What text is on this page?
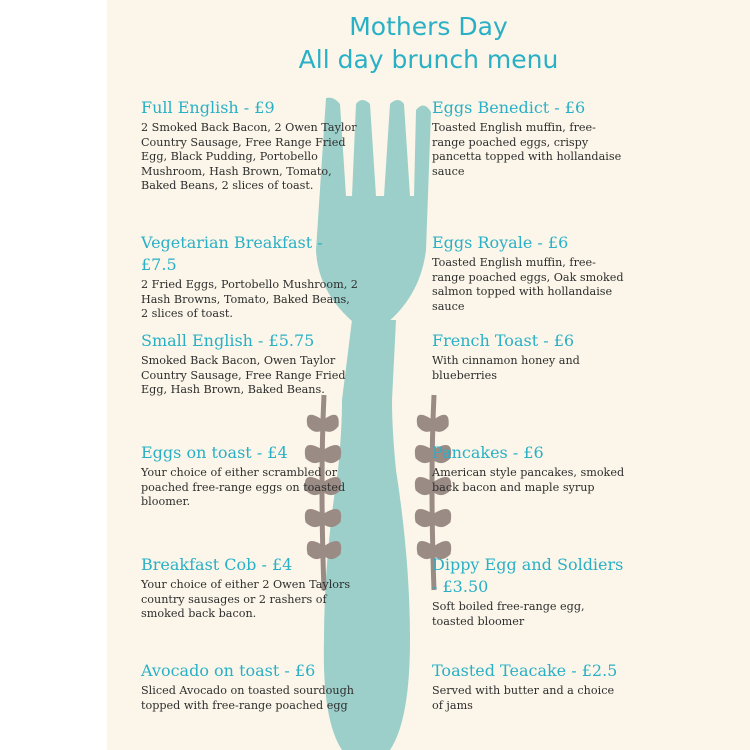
Mothers Day
All day brunch menu
Full English - £9

2 Smoked Back Bacon, 2 Owen Taylor Country Sausage, Free Range Fried Egg, Black Pudding, Portobello Mushroom, Hash Brown, Tomato, Baked Beans, 2 slices of toast.

Vegetarian Breakfast - £7.5

2 Fried Eggs, Portobello Mushroom, 2 Hash Browns, Tomato, Baked Beans, 2 slices of toast.

Small English - £5.75

Smoked Back Bacon, Owen Taylor Country Sausage, Free Range Fried Egg, Hash Brown, Baked Beans.

Eggs on toast - £4

Your choice of either scrambled or poached free-range eggs on toasted bloomer.

Breakfast Cob - £4

Your choice of either 2 Owen Taylors country sausages or 2 rashers of smoked back bacon.

Avocado on toast - £6

Sliced Avocado on toasted sourdough topped with free-range poached egg

Eggs Benedict - £6

Toasted English muffin, free-range poached eggs, crispy pancetta topped with hollandaise sauce

Eggs Royale - £6

Toasted English muffin, free-range poached eggs, Oak smoked salmon topped with hollandaise sauce

French Toast - £6

With cinnamon honey and blueberries

Pancakes - £6

American style pancakes, smoked back bacon and maple syrup

Dippy Egg and Soldiers - £3.50

Soft boiled free-range egg, toasted bloomer

Toasted Teacake - £2.5

Served with butter and a choice of jams
